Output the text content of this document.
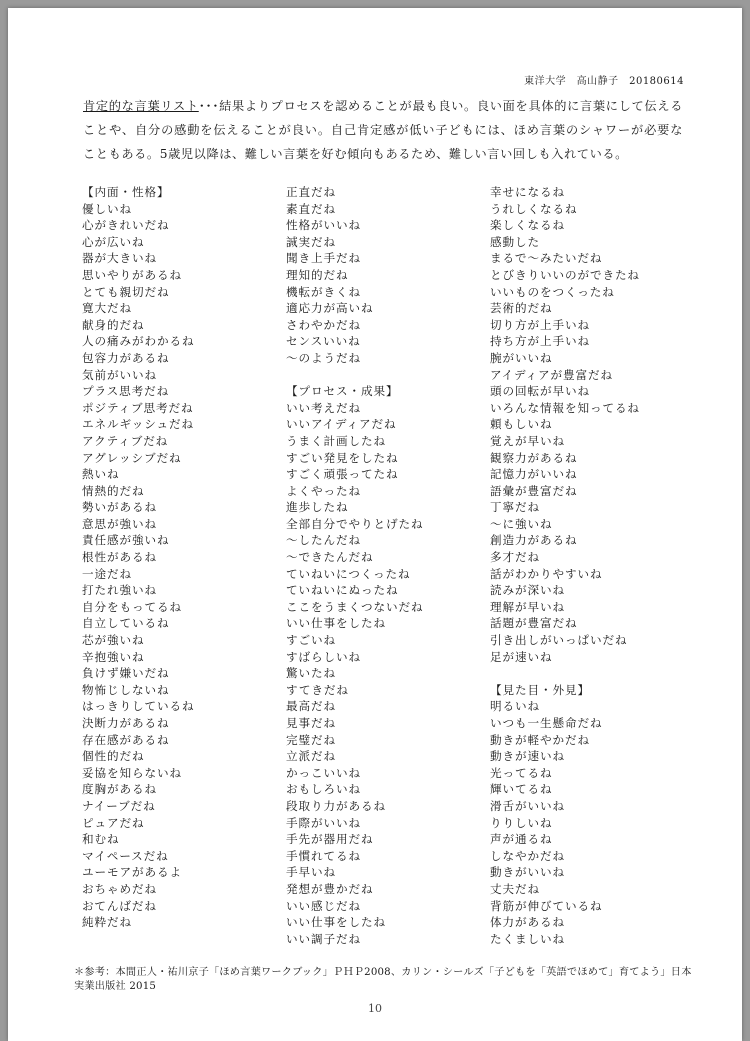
東洋大学　高山静子　20180614
肯定的な言葉リスト･･･結果よりプロセスを認めることが最も良い。良い面を具体的に言葉にして伝えることや、自分の感動を伝えることが良い。自己肯定感が低い子どもには、ほめ言葉のシャワーが必要なこともある。5歳児以降は、難しい言葉を好む傾向もあるため、難しい言い回しも入れている。
【内面・性格】
優しいね
心がきれいだね
心が広いね
器が大きいね
思いやりがあるね
とても親切だね
寛大だね
献身的だね
人の痛みがわかるね
包容力があるね
気前がいいね
プラス思考だね
ポジティブ思考だね
エネルギッシュだね
アクティブだね
アグレッシブだね
熱いね
情熱的だね
勢いがあるね
意思が強いね
責任感が強いね
根性があるね
一途だね
打たれ強いね
自分をもってるね
自立しているね
芯が強いね
辛抱強いね
負けず嫌いだね
物怖じしないね
はっきりしているね
決断力があるね
存在感があるね
個性的だね
妥協を知らないね
度胸があるね
ナイーブだね
ピュアだね
和むね
マイペースだね
ユーモアがあるよ
おちゃめだね
おてんばだね
純粋だね
正直だね
素直だね
性格がいいね
誠実だね
聞き上手だね
理知的だね
機転がきくね
適応力が高いね
さわやかだね
センスいいね
～のようだね
【プロセス・成果】
いい考えだね
いいアイディアだね
うまく計画したね
すごい発見をしたね
すごく頑張ってたね
よくやったね
進歩したね
全部自分でやりとげたね
～したんだね
～できたんだね
ていねいにつくったね
ていねいにぬったね
ここをうまくつないだね
いい仕事をしたね
すごいね
すばらしいね
驚いたね
すてきだね
最高だね
見事だね
完璧だね
立派だね
かっこいいね
おもしろいね
段取り力があるね
手際がいいね
手先が器用だね
手慣れてるね
手早いね
発想が豊かだね
いい感じだね
いい仕事をしたね
いい調子だね
幸せになるね
うれしくなるね
楽しくなるね
感動した
まるで～みたいだね
とびきりいいのができたね
いいものをつくったね
芸術的だね
切り方が上手いね
持ち方が上手いね
腕がいいね
アイディアが豊富だね
頭の回転が早いね
いろんな情報を知ってるね
頼もしいね
覚えが早いね
観察力があるね
記憶力がいいね
語彙が豊富だね
丁寧だね
～に強いね
創造力があるね
多才だね
話がわかりやすいね
読みが深いね
理解が早いね
話題が豊富だね
引き出しがいっぱいだね
足が速いね
【見た目・外見】
明るいね
いつも一生懸命だね
動きが軽やかだね
動きが速いね
光ってるね
輝いてるね
滑舌がいいね
りりしいね
声が通るね
しなやかだね
動きがいいね
丈夫だね
背筋が伸びているね
体力があるね
たくましいね
＊参考：本間正人・祐川京子「ほめ言葉ワークブック」ＰＨＰ2008、カリン・シールズ「子どもを「英語でほめて」育てよう」日本実業出版社 2015
10
